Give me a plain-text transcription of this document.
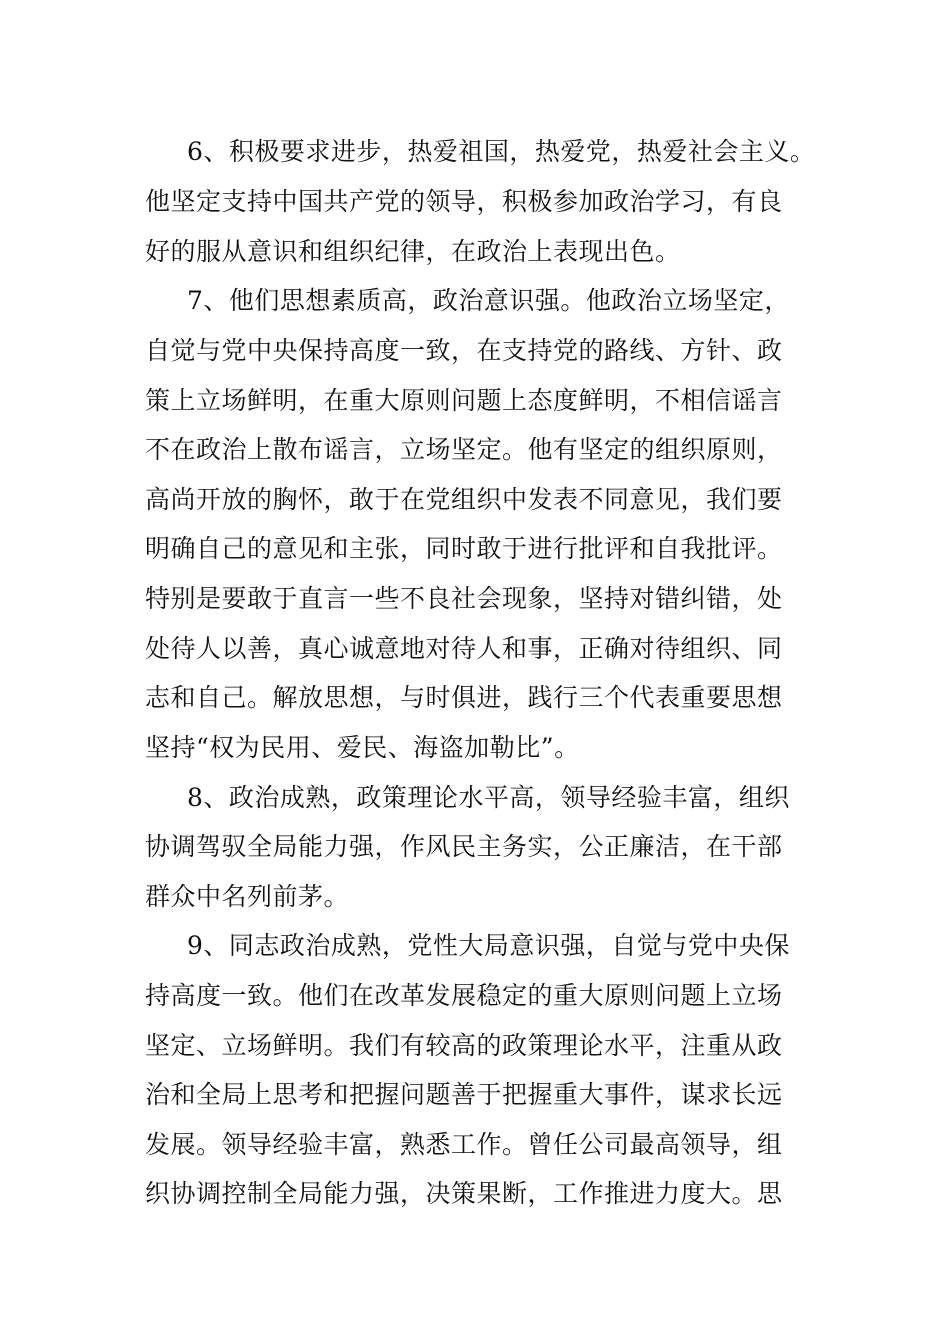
6、积极要求进步，热爱祖国，热爱党，热爱社会主义。
他坚定支持中国共产党的领导，积极参加政治学习，有良
好的服从意识和组织纪律，在政治上表现出色。
7、他们思想素质高，政治意识强。他政治立场坚定，
自觉与党中央保持高度一致，在支持党的路线、方针、政
策上立场鲜明，在重大原则问题上态度鲜明，不相信谣言
不在政治上散布谣言，立场坚定。他有坚定的组织原则，
高尚开放的胸怀，敢于在党组织中发表不同意见，我们要
明确自己的意见和主张，同时敢于进行批评和自我批评。
特别是要敢于直言一些不良社会现象，坚持对错纠错，处
处待人以善，真心诚意地对待人和事，正确对待组织、同
志和自己。解放思想，与时俱进，践行三个代表重要思想
坚持“权为民用、爱民、海盗加勒比”。
8、政治成熟，政策理论水平高，领导经验丰富，组织
协调驾驭全局能力强，作风民主务实，公正廉洁，在干部
群众中名列前茅。
9、同志政治成熟，党性大局意识强，自觉与党中央保
持高度一致。他们在改革发展稳定的重大原则问题上立场
坚定、立场鲜明。我们有较高的政策理论水平，注重从政
治和全局上思考和把握问题善于把握重大事件，谋求长远
发展。领导经验丰富，熟悉工作。曾任公司最高领导，组
织协调控制全局能力强，决策果断，工作推进力度大。思
